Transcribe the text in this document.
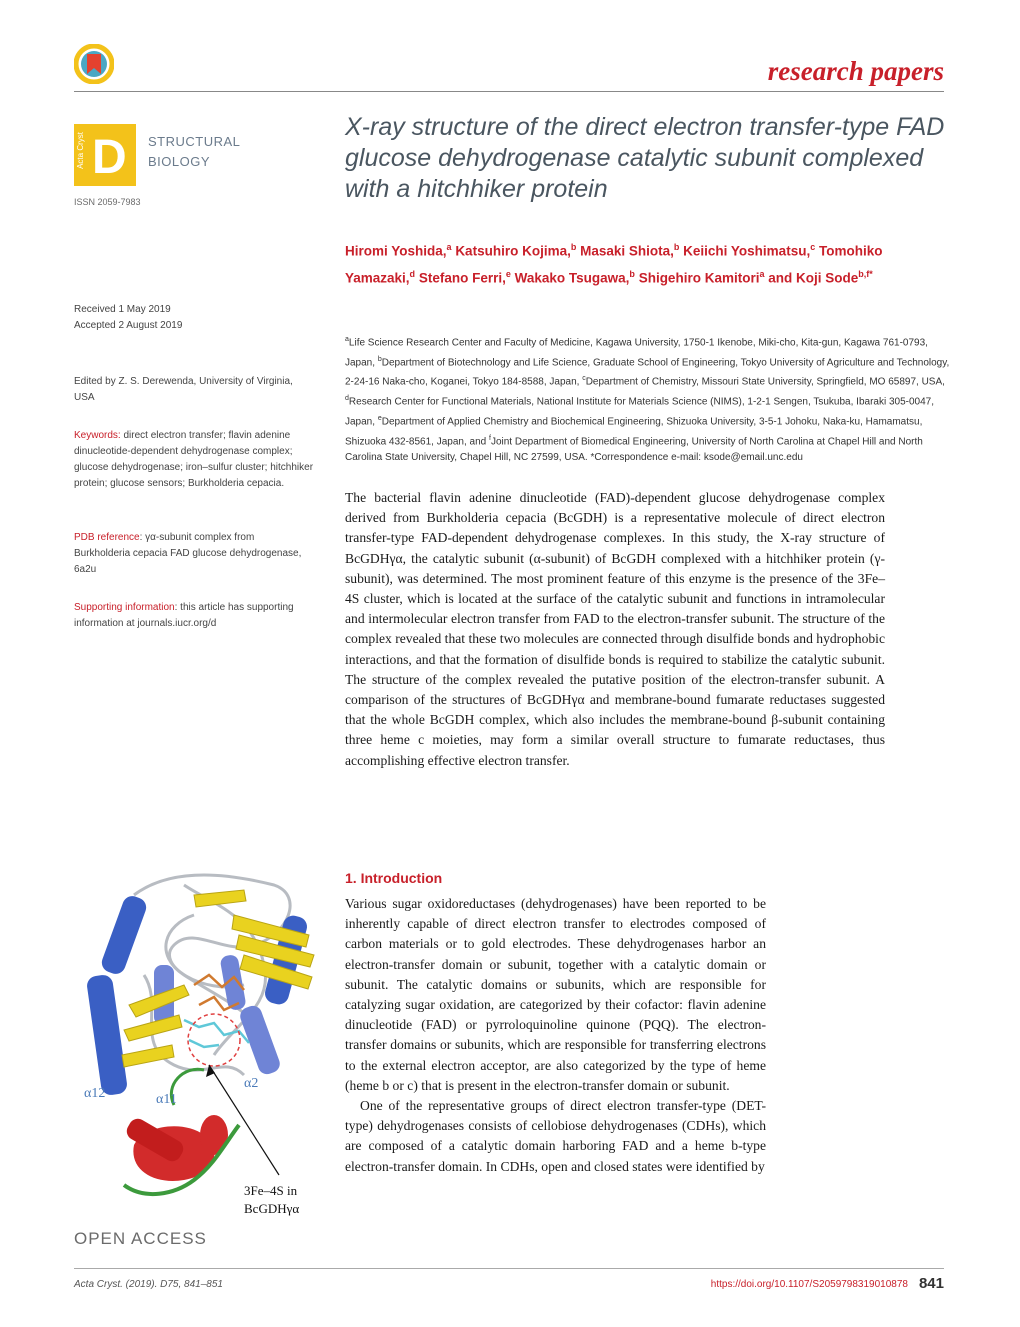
research papers
Acta Cryst D STRUCTURAL
BIOLOGY
ISSN 2059-7983
X-ray structure of the direct electron transfer-type FAD glucose dehydrogenase catalytic subunit complexed with a hitchhiker protein
Hiromi Yoshida,$^a$ Katsuhiro Kojima,$^b$ Masaki Shiota,$^b$ Keiichi Yoshimatsu,$^c$ Tomohiko Yamazaki,$^d$ Stefano Ferri,$^e$ Wakako Tsugawa,$^b$ Shigehiro Kamitori$^a$ and Koji Sode$^{b,f*}$
$^a$Life Science Research Center and Faculty of Medicine, Kagawa University, 1750-1 Ikenobe, Miki-cho, Kita-gun, Kagawa 761-0793, Japan, $^b$Department of Biotechnology and Life Science, Graduate School of Engineering, Tokyo University of Agriculture and Technology, 2-24-16 Naka-cho, Koganei, Tokyo 184-8588, Japan, $^c$Department of Chemistry, Missouri State University, Springfield, MO 65897, USA, $^d$Research Center for Functional Materials, National Institute for Materials Science (NIMS), 1-2-1 Sengen, Tsukuba, Ibaraki 305-0047, Japan, $^e$Department of Applied Chemistry and Biochemical Engineering, Shizuoka University, 3-5-1 Johoku, Naka-ku, Hamamatsu, Shizuoka 432-8561, Japan, and $^f$Joint Department of Biomedical Engineering, University of North Carolina at Chapel Hill and North Carolina State University, Chapel Hill, NC 27599, USA. *Correspondence e-mail: ksode@email.unc.edu
Received 1 May 2019
Accepted 2 August 2019
Edited by Z. S. Derewenda, University of Virginia, USA
Keywords: direct electron transfer; flavin adenine dinucleotide-dependent dehydrogenase complex; glucose dehydrogenase; iron–sulfur cluster; hitchhiker protein; glucose sensors; Burkholderia cepacia.
PDB reference: γα-subunit complex from Burkholderia cepacia FAD glucose dehydrogenase, 6a2u
Supporting information: this article has supporting information at journals.iucr.org/d
The bacterial flavin adenine dinucleotide (FAD)-dependent glucose dehydrogenase complex derived from Burkholderia cepacia (BcGDH) is a representative molecule of direct electron transfer-type FAD-dependent dehydrogenase complexes. In this study, the X-ray structure of BcGDHγα, the catalytic subunit (α-subunit) of BcGDH complexed with a hitchhiker protein (γ-subunit), was determined. The most prominent feature of this enzyme is the presence of the 3Fe–4S cluster, which is located at the surface of the catalytic subunit and functions in intramolecular and intermolecular electron transfer from FAD to the electron-transfer subunit. The structure of the complex revealed that these two molecules are connected through disulfide bonds and hydrophobic interactions, and that the formation of disulfide bonds is required to stabilize the catalytic subunit. The structure of the complex revealed the putative position of the electron-transfer subunit. A comparison of the structures of BcGDHγα and membrane-bound fumarate reductases suggested that the whole BcGDH complex, which also includes the membrane-bound β-subunit containing three heme c moieties, may form a similar overall structure to fumarate reductases, thus accomplishing effective electron transfer.
α12	α11
α2
3Fe–4S in
BcGDHγα
OPEN ACCESS
1. Introduction

Various sugar oxidoreductases (dehydrogenases) have been reported to be inherently capable of direct electron transfer to electrodes composed of carbon materials or to gold electrodes. These dehydrogenases harbor an electron-transfer domain or subunit, together with a catalytic domain or subunit. The catalytic domains or subunits, which are responsible for catalyzing sugar oxidation, are categorized by their cofactor: flavin adenine dinucleotide (FAD) or pyrroloquinoline quinone (PQQ). The electron-transfer domains or subunits, which are responsible for transferring electrons to the external electron acceptor, are also categorized by the type of heme (heme b or c) that is present in the electron-transfer domain or subunit.

One of the representative groups of direct electron transfer-type (DET-type) dehydrogenases consists of cellobiose dehydrogenases (CDHs), which are composed of a catalytic domain harboring FAD and a heme b-type electron-transfer domain. In CDHs, open and closed states were identified by

Acta Cryst. (2019). D75, 841–851	https://doi.org/10.1107/S2059798319010878 841
